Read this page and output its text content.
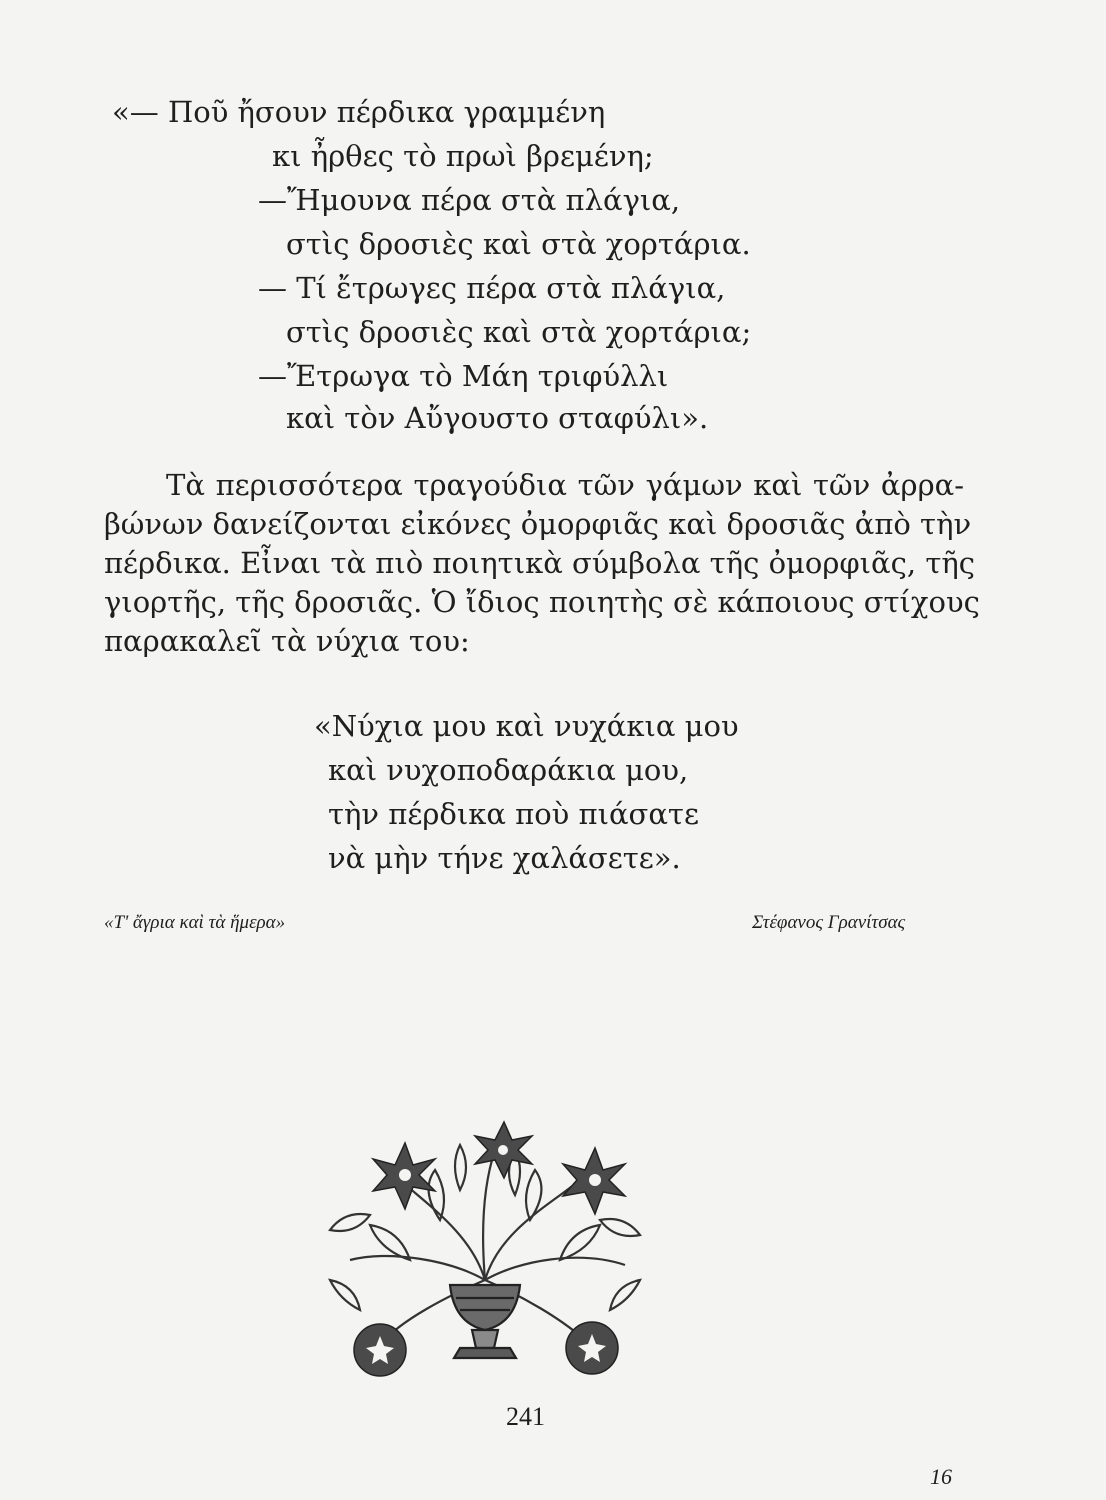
«— Ποῦ ἤσουν πέρδικα γραμμένη
κι ἦρθες τὸ πρωὶ βρεμένη;
—Ἤμουνα πέρα στὰ πλάγια,
στὶς δροσιὲς καὶ στὰ χορτάρια.
— Τί ἔτρωγες πέρα στὰ πλάγια,
στὶς δροσιὲς καὶ στὰ χορτάρια;
—Ἔτρωγα τὸ Μάη τριφύλλι
καὶ τὸν Αὔγουστο σταφύλι».
Τὰ περισσότερα τραγούδια τῶν γάμων καὶ τῶν ἀρρα-
βώνων δανείζονται εἰκόνες ὀμορφιᾶς καὶ δροσιᾶς ἀπὸ τὴν
πέρδικα. Εἶναι τὰ πιὸ ποιητικὰ σύμβολα τῆς ὀμορφιᾶς, τῆς
γιορτῆς, τῆς δροσιᾶς. Ὁ ἴδιος ποιητὴς σὲ κάποιους στίχους
παρακαλεῖ τὰ νύχια του:
«Νύχια μου καὶ νυχάκια μου
καὶ νυχοποδαράκια μου,
τὴν πέρδικα ποὺ πιάσατε
νὰ μὴν τήνε χαλάσετε».
«Τ' ἄγρια καὶ τὰ ἥμερα»	Στέφανος Γρανίτσας
241
16
